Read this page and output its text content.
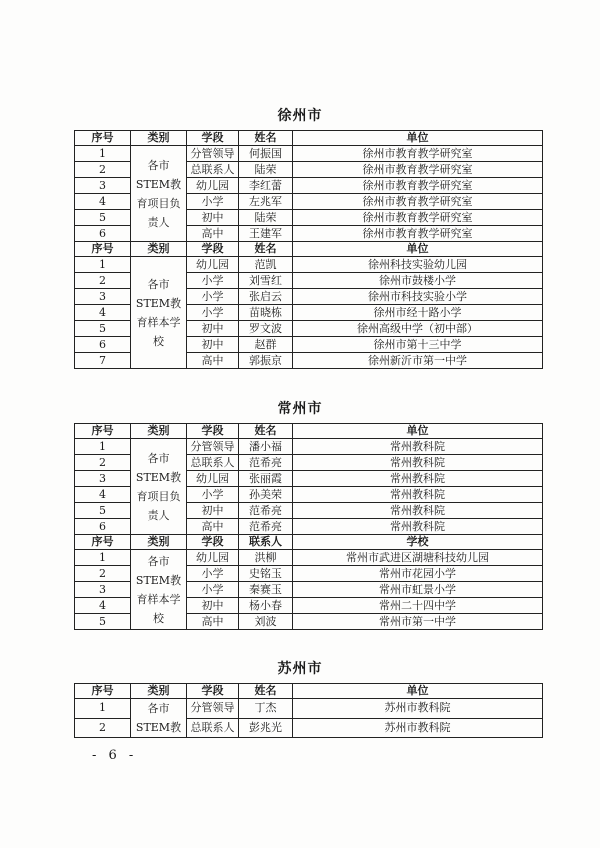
徐州市
序号	类别	学段	姓名	单位
1	各市STEM教育项目负责人	分管领导	何振国	徐州市教育教学研究室
2		总联系人	陆荣	徐州市教育教学研究室
3		幼儿园	李红蕾	徐州市教育教学研究室
4		小学	左兆军	徐州市教育教学研究室
5		初中	陆荣	徐州市教育教学研究室
6		高中	王建军	徐州市教育教学研究室
序号	类别	学段	姓名	单位
1	各市STEM教育样本学校	幼儿园	范凯	徐州科技实验幼儿园
2		小学	刘雪红	徐州市鼓楼小学
3		小学	张启云	徐州市科技实验小学
4		小学	苗晓栋	徐州市经十路小学
5		初中	罗文波	徐州高级中学（初中部）
6		初中	赵群	徐州市第十三中学
7		高中	郭振京	徐州新沂市第一中学
常州市
序号	类别	学段	姓名	单位
1	各市STEM教育项目负责人	分管领导	潘小福	常州教科院
2		总联系人	范希亮	常州教科院
3		幼儿园	张丽霞	常州教科院
4		小学	孙美荣	常州教科院
5		初中	范希亮	常州教科院
6		高中	范希亮	常州教科院
序号	类别	学段	联系人	学校
1	各市STEM教育样本学校	幼儿园	洪柳	常州市武进区湖塘科技幼儿园
2		小学	史铭玉	常州市花园小学
3		小学	秦赛玉	常州市虹景小学
4		初中	杨小春	常州二十四中学
5		高中	刘波	常州市第一中学
苏州市
序号	类别	学段	姓名	单位
1	各市STEM教	分管领导	丁杰	苏州市教科院
2		总联系人	彭兆光	苏州市教科院
- 6 -
